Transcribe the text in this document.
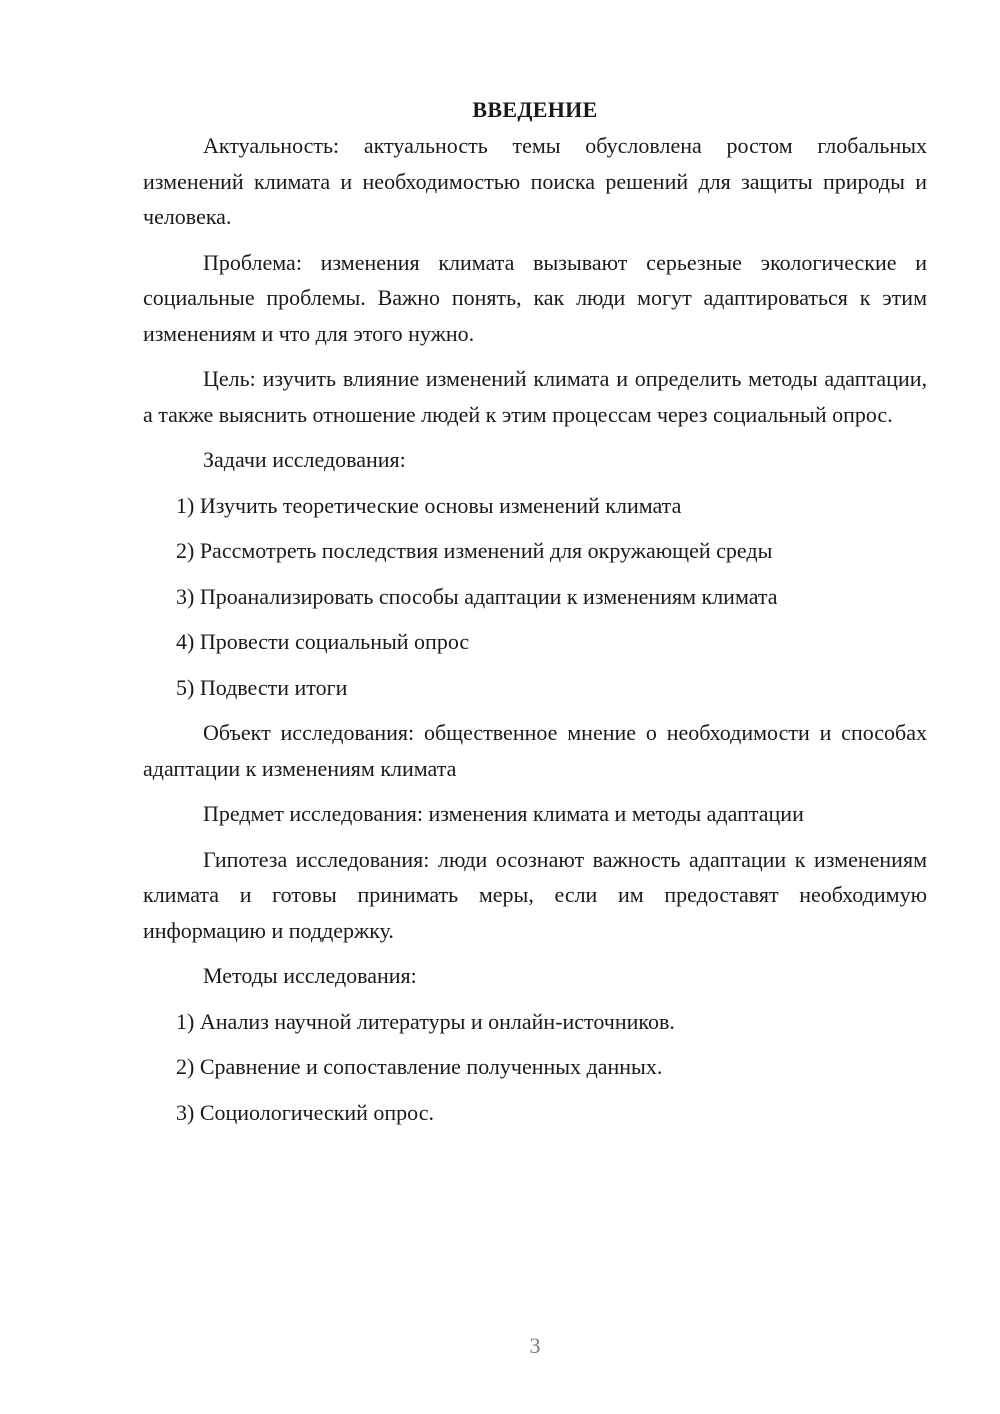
ВВЕДЕНИЕ

Актуальность: актуальность темы обусловлена ростом глобальных изменений климата и необходимостью поиска решений для защиты природы и человека.

Проблема: изменения климата вызывают серьезные экологические и социальные проблемы. Важно понять, как люди могут адаптироваться к этим изменениям и что для этого нужно.

Цель: изучить влияние изменений климата и определить методы адаптации, а также выяснить отношение людей к этим процессам через социальный опрос.

Задачи исследования:

1) Изучить теоретические основы изменений климата

2) Рассмотреть последствия изменений для окружающей среды

3) Проанализировать способы адаптации к изменениям климата

4) Провести социальный опрос

5) Подвести итоги

Объект исследования: общественное мнение о необходимости и способах адаптации к изменениям климата

Предмет исследования: изменения климата и методы адаптации

Гипотеза исследования: люди осознают важность адаптации к изменениям климата и готовы принимать меры, если им предоставят необходимую информацию и поддержку.

Методы исследования:

1) Анализ научной литературы и онлайн-источников.

2) Сравнение и сопоставление полученных данных.

3) Социологический опрос.

3
